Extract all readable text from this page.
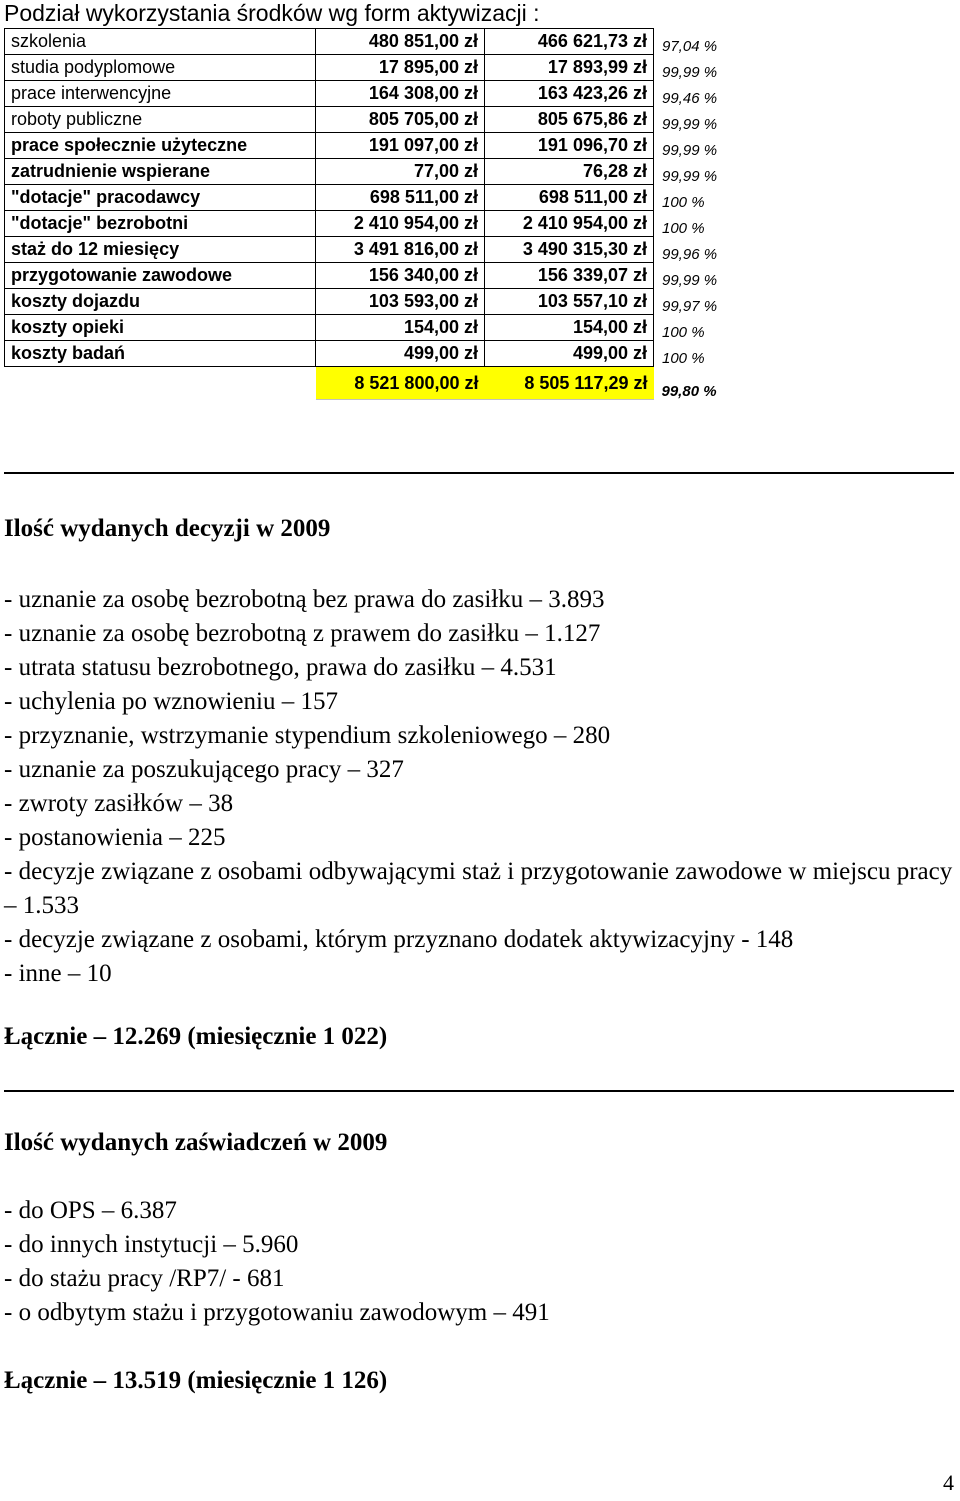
Podział wykorzystania środków wg form aktywizacji :
szkolenia	480 851,00 zł	466 621,73 zł	97,04 %
studia podyplomowe	17 895,00 zł	17 893,99 zł	99,99 %
prace interwencyjne	164 308,00 zł	163 423,26 zł	99,46 %
roboty publiczne	805 705,00 zł	805 675,86 zł	99,99 %
prace społecznie użyteczne	191 097,00 zł	191 096,70 zł	99,99 %
zatrudnienie wspierane	77,00 zł	76,28 zł	99,99 %
"dotacje" pracodawcy	698 511,00 zł	698 511,00 zł	100 %
"dotacje" bezrobotni	2 410 954,00 zł	2 410 954,00 zł	100 %
staż do 12 miesięcy	3 491 816,00 zł	3 490 315,30 zł	99,96 %
przygotowanie zawodowe	156 340,00 zł	156 339,07 zł	99,99 %
koszty dojazdu	103 593,00 zł	103 557,10 zł	99,97 %
koszty opieki	154,00 zł	154,00 zł	100 %
koszty badań	499,00 zł	499,00 zł	100 %
	8 521 800,00 zł	8 505 117,29 zł	99,80 %
Ilość wydanych decyzji w 2009
- uznanie za osobę bezrobotną bez prawa do zasiłku – 3.893
- uznanie za osobę bezrobotną z prawem do zasiłku – 1.127
- utrata statusu bezrobotnego, prawa do zasiłku – 4.531
- uchylenia po wznowieniu – 157
- przyznanie, wstrzymanie stypendium szkoleniowego – 280
- uznanie za poszukującego pracy – 327
- zwroty zasiłków – 38
- postanowienia – 225
- decyzje związane z osobami odbywającymi staż i przygotowanie zawodowe w miejscu pracy – 1.533
- decyzje związane z osobami, którym przyznano dodatek aktywizacyjny - 148
- inne – 10
Łącznie – 12.269 (miesięcznie 1 022)
Ilość wydanych zaświadczeń w 2009
- do OPS – 6.387
- do innych instytucji – 5.960
- do stażu pracy /RP7/ - 681
- o odbytym stażu i przygotowaniu zawodowym – 491
Łącznie – 13.519 (miesięcznie 1 126)
4
